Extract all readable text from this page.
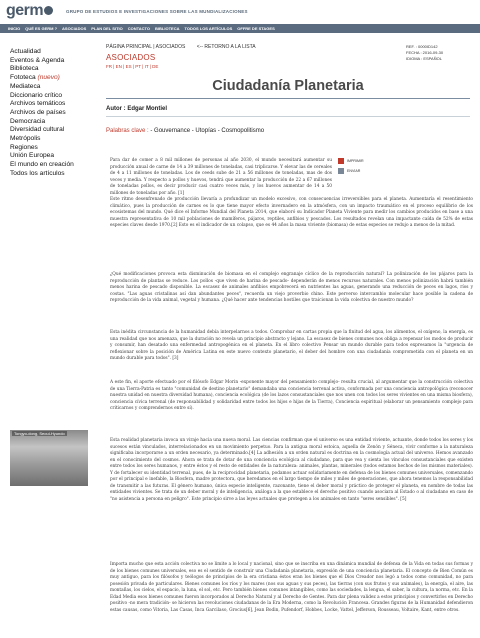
germ	GRUPO DE ESTUDIOS E INVESTIGACIONES SOBRE LAS MUNDIALIZACIONES
INICIO QUÉ ES GERM ? ASOCIADOS PLAN DEL SITIO CONTACTO BIBLIOTECA TODOS LOS ARTÍCULOS OFFRE DE STAGES
Actualidad
Eventos & Agenda
Biblioteca
Fototeca (nuevo)
Mediateca
Diccionario crítico
Archivos temáticos
Archivos de países
Democracia
Diversidad cultural
Metrópolis
Regiones
Unión Europea
El mundo en creación
Todos los artículos
Tongyo-dong, Seoul-Hyundo
PÁGINA PRINCIPAL | ASOCIADOS <-- RETORNO A LA LISTA	REF. : 0000ID142
FECHA : 2016-09-30
IDIOMA : ESPAÑOL
ASOCIADOS
FR | EN | ES | PT | IT | DE
Ciudadanía Planetaria
Autor : Edgar Montiel
Palabras clave : - Gouvernance - Utopías - Cosmopolitismo
IMPRIMIR
ENVIAR

Para dar de comer a 8 mil millones de personas al año 2030, el mundo necesitará aumentar su producción anual de carne de 14 a 39 millones de toneladas, casi triplicarse. Y elevar las de cereales de 4 a 11 millones de toneladas. Los de ceeds sube de 21 a 56 millones de toneladas, mas de dos veces y media. Y respecto a pollos y huevos, tendrá que aumentar la producción de 22 a 67 millones de toneladas pollos, es decir producir casi cuatro veces más, y los huevos aumentar de 14 a 50 millones de toneladas por año. [1]

Este ritmo desenfrenado de producción llevaría a profundizar un modelo excesivo, con consecuencias irreversibles para el planeta. Aumentaría el resentimiento climático, pues la producción de carnes es lo que tiene mayor efecto invernadero en la atmósfera, con un impacto traumático en el proceso equilibrio de los ecosistemas del mundo. Qué dice el Informe Mundial del Planeta 2014, que elaboró su Indicador Planeta Viviente para medir los cambios producidos en base a una muestra representativa de 10 mil poblaciones de mamíferos, pájaros, reptiles, anfibios y pescados. Los resultados revelan una impactante caída de 52% de estas especies claves desde 1970.[2] Esto es el indicador de un colapso, que es 44 años la masa viviente (biomasa) de estas especies se redujo a menos de la mitad.

¿Qué modificaciones provoca esta disminución de biomasa en el complejo engranaje cíclico de la reproducción natural? La polinización de los pájaros para la reproducción de plantas se reduce. Los pollos -que viven de harina de pescado- dependerán de menos recursos naturales. Con menos polinización habrá también menos harina de pescado disponible. La escasez de animales anfibios empobrecerá en nutrientes las aguas, generando una reducción de peces en lagos, ríos y costas. "Las aguas cristalinas así dan abundantes peces", recuerda un viejo proverbio chino. Este perverso intercambio molecular hace posible la cadena de reproducción de la vida animal, vegetal y humana. ¿Qué hacer ante tendencias hostiles que traicionan la vida colectiva de nuestro mundo?

Esta inédita circunstancia de la humanidad debía interpelarnos a todos. Comprobar en cartas propia que la finitud del agua, los alimentos, el oxígeno, la energía, es una realidad que nos amenaza, que la duración no revela un principio abstracto y lejano. La escasez de bienes comunes nos obliga a repensar los modos de producir y consumir, han desatado una enfermedad antropogénica en el planeta. En el libro colectivo Pensar un mundo durable para todos expresamos la "urgencia de reflexionar sobre la posición de América Latina en este nuevo contexto planetario, el deber del hombre con una ciudadanía comprometida con el planeta en un mundo durable para todos". [3]

A este fin, el aporte efectuado por el filósofo Edgar Morin -exponente mayor del pensamiento complejo- resulta crucial, al argumentar que la construcción colectiva de una Tierra-Patria es tanto "comunidad de destino planetario" demandaba una conciencia terrenal activa, conformada por una conciencia antropológica (reconocer nuestra unidad en nuestra diversidad humana), conciencia ecológica (de los lazos consustanciales que nos unen con todos los seres vivientes en una misma biosfera), conciencia cívica terrenal (de responsabilidad y solidaridad entre todos los hijos e hijas de la Tierra), Conciencia espiritual (elaborar un pensamiento complejo para criticarnos y comprendernos entre sí).

Esta realidad planetaria invoca un viraje hacia una nueva moral. Las ciencias confirman que el universo es una entidad viviente, actuante, donde todos los seres y los sucesos están vinculados, interrelacionados en un movimiento perpetuo. Para la antigua moral estoica, aquella de Zenón y Séneca, vivir conforme a la naturaleza significaba incorporarse a un orden necesario, ya determinado.[4] La adhesión a un orden natural es doctrina en la cosmología actual del universo. Hemos avanzado en el conocimiento del cosmos. Ahora se trata de dotar de una conciencia ecológica al ciudadano, para que vea y sienta los vínculos consustanciales que existen entre todos los seres humanos, y entre éstos y el resto de entidades de la naturaleza: animales, plantas, minerales (todos estamos hechos de los mismos materiales). Y de fortalecer su identidad terrenal, pues, de la reciprocidad planetaria, podamos actuar solidariamente en defensa de los bienes comunes universales, comenzando por el principal e inefable, la Biosfera, madre protectora, que heredamos en el largo tiempo de miles y miles de generaciones, que ahora tenemos la responsabilidad de transmitir a las futuras. El género humano, única especie inteligente, razonante, tiene el deber moral y práctico de proteger el planeta, en nombre de todas las entidades vivientes. Se trata de un deber moral y de inteligencia, análoga a la que establece el derecho positivo cuando asociara al Estado o al ciudadano en caso de "no asistencia a persona en peligro". Este principio sirve a las leyes actuales que protegen a los animales en tanto "seres sensibles". [5]

Importa mucho que esta acción colectiva no se limite a lo local y nacional, sino que se inscriba en una dinámica mundial de defensa de la Vida en todas sus formas y de los bienes comunes universales, eso es el sentido de construir una Ciudadanía planetaria, expresión de una conciencia planetaria. El concepto de Bien Común es muy antiguo, para los filósofos y teólogos de principios de la era cristiana éstos eran los bienes que el Dios Creador nos legó a todos como comunidad, no para posesión privada de particulares. Bienes comunes los ríos y los mares (nos sus aguas y sus peces), las tierras (con sus frutos y sus animales), la energía, el aire, las montañas, los cielos, el espacio, la luna, el sol, etc. Pero también bienes comunes intangibles, como las sociedades, la lengua, el saber, la cultura, la norma, etc. En la Edad Media esos bienes comunes fueron incorporados al Derecho Natural y al Derecho de Gentes. Para dar plena validez a estos principios y convertirlos en Derecho positivo -no mera tradición- se hicieron las revoluciones ciudadanas de la Era Moderna, como la Revolución Francesa. Grandes figuras de la Humanidad defendieron estas causas, como Vitoria, Las Casas, Inca Garcilaso, Grocius[6], Jean Bodin, Pufendorf, Hobbes, Locke, Vattel, Jefferson, Rousseau, Voltaire, Kant, entre otros.
